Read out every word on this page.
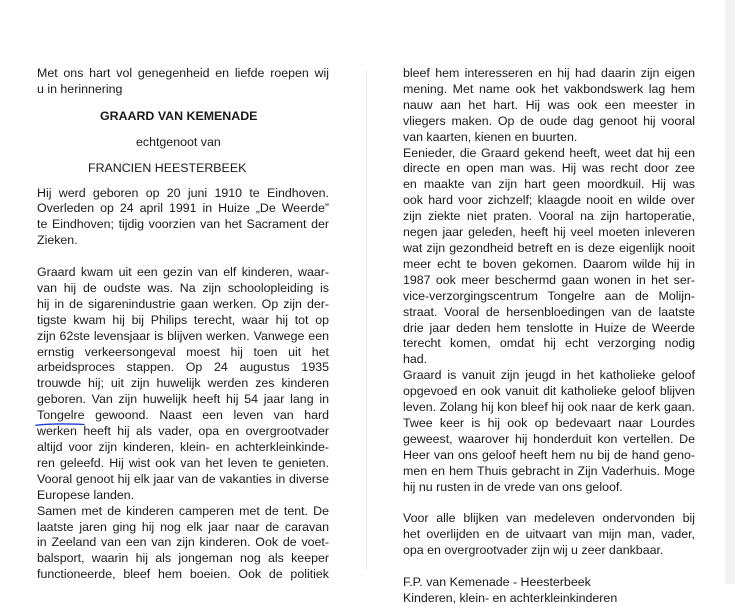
Met ons hart vol genegenheid en liefde roepen wij
u in herinnering

GRAARD VAN KEMENADE

echtgenoot van

FRANCIEN HEESTERBEEK

Hij werd geboren op 20 juni 1910 te Eindhoven.
Overleden op 24 april 1991 in Huize „De Weerde”
te Eindhoven; tijdig voorzien van het Sacrament der
Zieken.

Graard kwam uit een gezin van elf kinderen, waar-
van hij de oudste was. Na zijn schoolopleiding is
hij in de sigarenindustrie gaan werken. Op zijn der-
tigste kwam hij bij Philips terecht, waar hij tot op
zijn 62ste levensjaar is blijven werken. Vanwege een
ernstig verkeersongeval moest hij toen uit het
arbeidsproces stappen. Op 24 augustus 1935
trouwde hij; uit zijn huwelijk werden zes kinderen
geboren. Van zijn huwelijk heeft hij 54 jaar lang in
Tongelre
gewoond. Naast een leven van hard
werken heeft hij als vader, opa en overgrootvader
altijd voor zijn kinderen, klein- en achterkleinkinde-
ren geleefd. Hij wist ook van het leven te genieten.
Vooral genoot hij elk jaar van de vakanties in diverse
Europese landen.
Samen met de kinderen camperen met de tent. De
laatste jaren ging hij nog elk jaar naar de caravan
in Zeeland van een van zijn kinderen. Ook de voet-
balsport, waarin hij als jongeman nog als keeper
functioneerde, bleef hem boeien. Ook de politiek

bleef hem interesseren en hij had daarin zijn eigen
mening. Met name ook het vakbondswerk lag hem
nauw aan het hart. Hij was ook een meester in
vliegers maken. Op de oude dag genoot hij vooral
van kaarten, kienen en buurten.
Eenieder, die Graard gekend heeft, weet dat hij een
directe en open man was. Hij was recht door zee
en maakte van zijn hart geen moordkuil. Hij was
ook hard voor zichzelf; klaagde nooit en wilde over
zijn ziekte niet praten. Vooral na zijn hartoperatie,
negen jaar geleden, heeft hij veel moeten inleveren
wat zijn gezondheid betreft en is deze eigenlijk nooit
meer echt te boven gekomen. Daarom wilde hij in
1987 ook meer beschermd gaan wonen in het ser-
vice-verzorgingscentrum Tongelre aan de Molijn-
straat. Vooral de hersenbloedingen van de laatste
drie jaar deden hem tenslotte in Huize de Weerde
terecht komen, omdat hij echt verzorging nodig
had.
Graard is vanuit zijn jeugd in het katholieke geloof
opgevoed en ook vanuit dit katholieke geloof blijven
leven. Zolang hij kon bleef hij ook naar de kerk gaan.
Twee keer is hij ook op bedevaart naar Lourdes
geweest, waarover hij honderduit kon vertellen. De
Heer van ons geloof heeft hem nu bij de hand geno-
men en hem Thuis gebracht in Zijn Vaderhuis. Moge
hij nu rusten in de vrede van ons geloof.

Voor alle blijken van medeleven ondervonden bij
het overlijden en de uitvaart van mijn man, vader,
opa en overgrootvader zijn wij u zeer dankbaar.

F.P. van Kemenade - Heesterbeek
Kinderen, klein- en achterkleinkinderen
